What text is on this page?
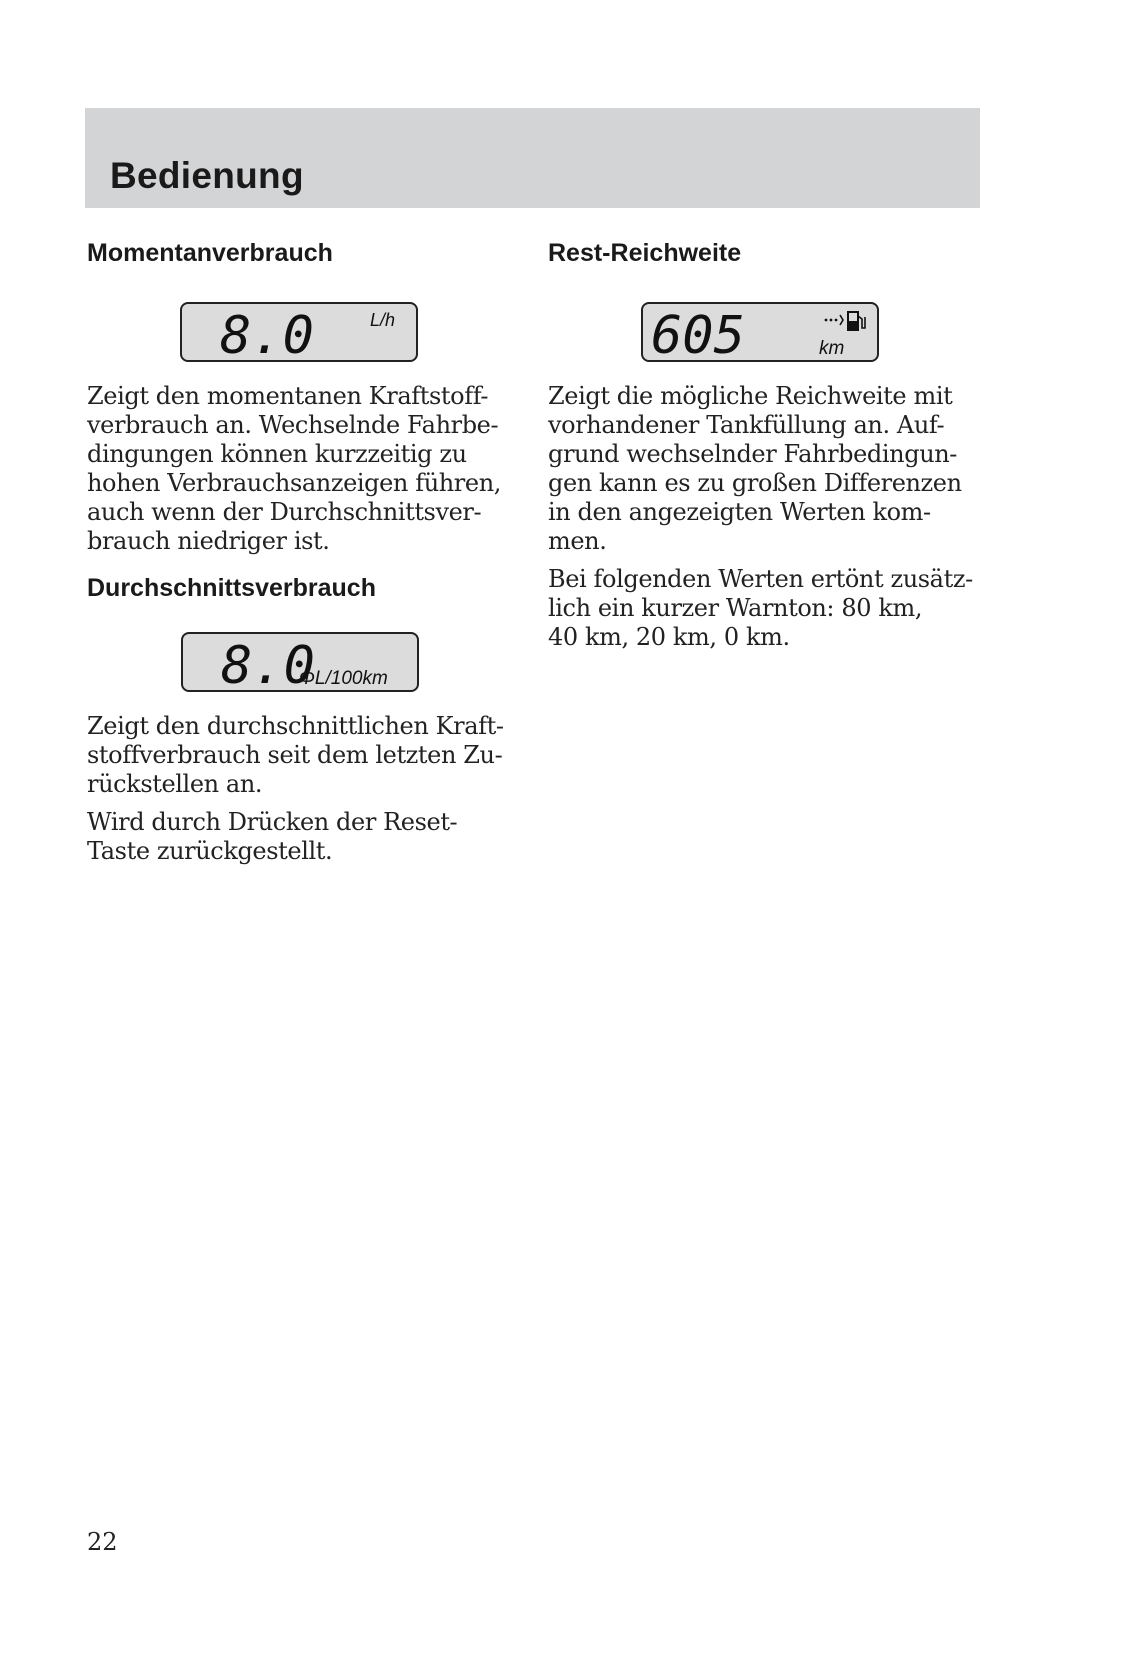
Bedienung
Momentanverbrauch
8.0	L/h

Zeigt den momentanen Kraftstoff-
verbrauch an. Wechselnde Fahrbe-
dingungen können kurzzeitig zu
hohen Verbrauchsanzeigen führen,
auch wenn der Durchschnittsver-
brauch niedriger ist.

Durchschnittsverbrauch
8.0
ΦL/100km

Zeigt den durchschnittlichen Kraft-
stoffverbrauch seit dem letzten Zu-
rückstellen an.

Wird durch Drücken der Reset-
Taste zurückgestellt.

Rest-Reichweite
605	km

Zeigt die mögliche Reichweite mit
vorhandener Tankfüllung an. Auf-
grund wechselnder Fahrbedingun-
gen kann es zu großen Differenzen
in den angezeigten Werten kom-
men.

Bei folgenden Werten ertönt zusätz-
lich ein kurzer Warnton: 80 km,
40 km, 20 km, 0 km.

22
